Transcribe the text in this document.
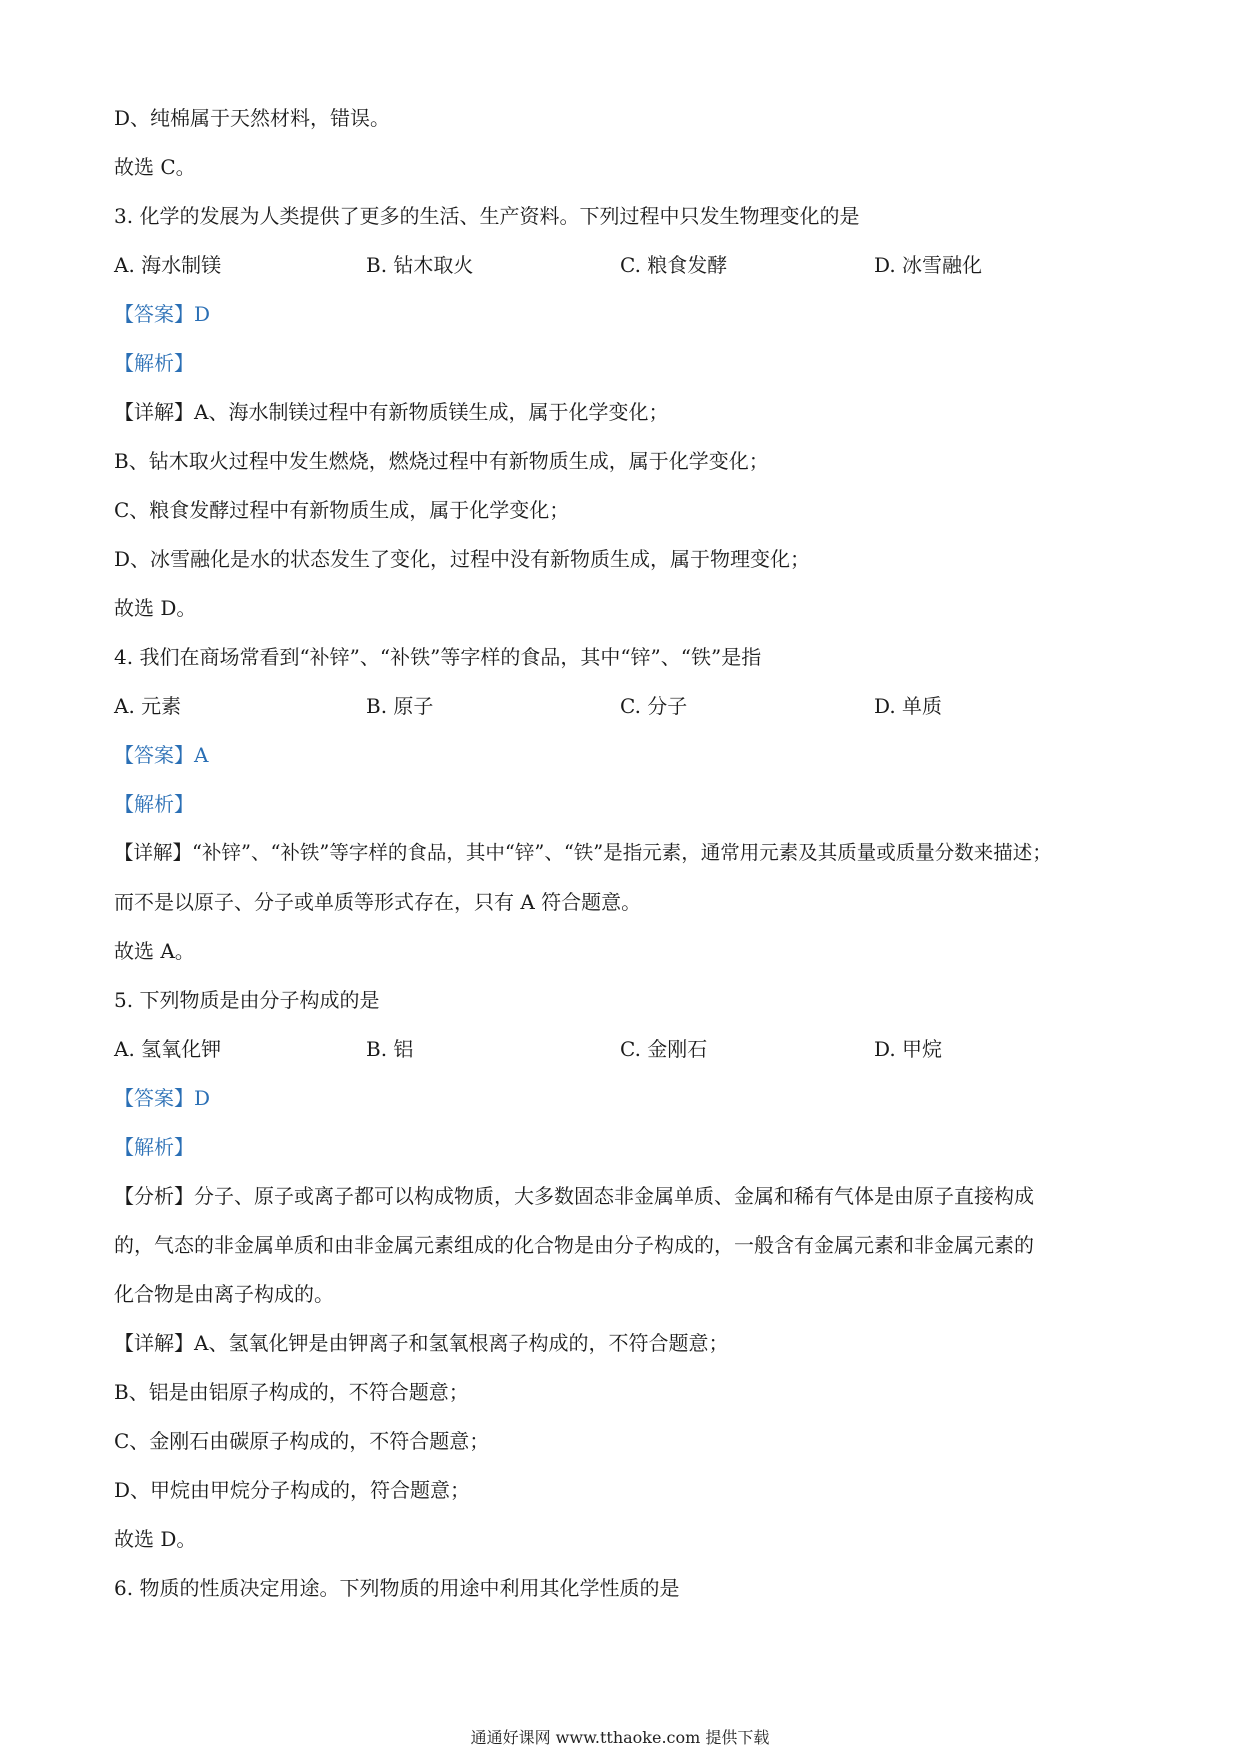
D、纯棉属于天然材料，错误。
故选 C。
3. 化学的发展为人类提供了更多的生活、生产资料。下列过程中只发生物理变化的是
A. 海水制镁	B. 钻木取火	C. 粮食发酵	D. 冰雪融化
【答案】D
【解析】
【详解】A、海水制镁过程中有新物质镁生成，属于化学变化；
B、钻木取火过程中发生燃烧，燃烧过程中有新物质生成，属于化学变化；
C、粮食发酵过程中有新物质生成，属于化学变化；
D、冰雪融化是水的状态发生了变化，过程中没有新物质生成，属于物理变化；
故选 D。
4. 我们在商场常看到“补锌”、“补铁”等字样的食品，其中“锌”、“铁”是指
A. 元素	B. 原子	C. 分子	D. 单质
【答案】A
【解析】
【详解】“补锌”、“补铁”等字样的食品，其中“锌”、“铁”是指元素，通常用元素及其质量或质量分数来描述；
而不是以原子、分子或单质等形式存在，只有 A 符合题意。
故选 A。
5. 下列物质是由分子构成的是
A. 氢氧化钾	B. 铝	C. 金刚石	D. 甲烷
【答案】D
【解析】
【分析】分子、原子或离子都可以构成物质，大多数固态非金属单质、金属和稀有气体是由原子直接构成
的，气态的非金属单质和由非金属元素组成的化合物是由分子构成的，一般含有金属元素和非金属元素的
化合物是由离子构成的。
【详解】A、氢氧化钾是由钾离子和氢氧根离子构成的，不符合题意；
B、铝是由铝原子构成的，不符合题意；
C、金刚石由碳原子构成的，不符合题意；
D、甲烷由甲烷分子构成的，符合题意；
故选 D。
6. 物质的性质决定用途。下列物质的用途中利用其化学性质的是
通通好课网 www.tthaoke.com 提供下载
